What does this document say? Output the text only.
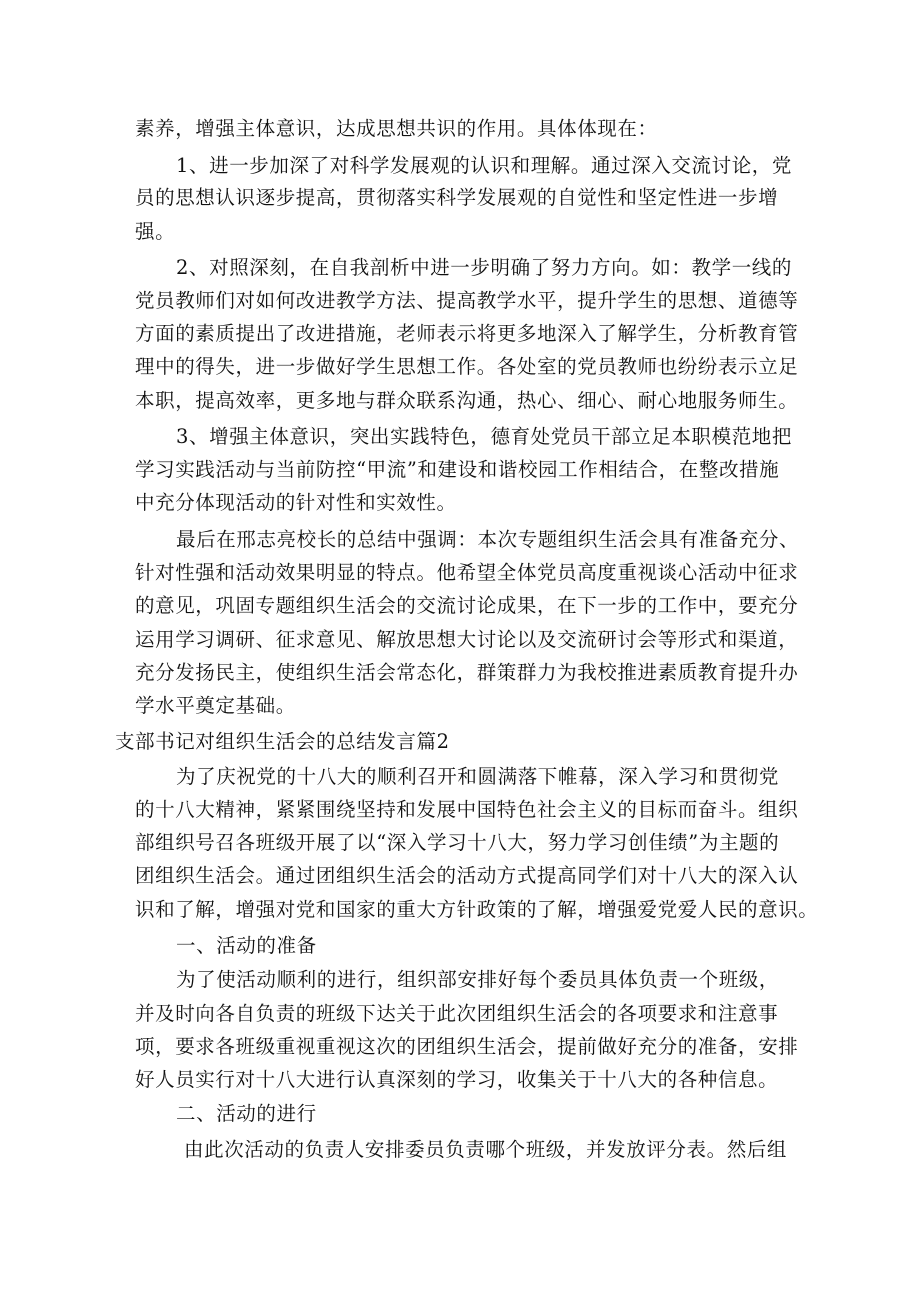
素养，增强主体意识，达成思想共识的作用。具体体现在：
1、进一步加深了对科学发展观的认识和理解。通过深入交流讨论，党
员的思想认识逐步提高，贯彻落实科学发展观的自觉性和坚定性进一步增
强。
2、对照深刻，在自我剖析中进一步明确了努力方向。如：教学一线的
党员教师们对如何改进教学方法、提高教学水平，提升学生的思想、道德等
方面的素质提出了改进措施，老师表示将更多地深入了解学生，分析教育管
理中的得失，进一步做好学生思想工作。各处室的党员教师也纷纷表示立足
本职，提高效率，更多地与群众联系沟通，热心、细心、耐心地服务师生。
3、增强主体意识，突出实践特色，德育处党员干部立足本职模范地把
学习实践活动与当前防控“甲流”和建设和谐校园工作相结合，在整改措施
中充分体现活动的针对性和实效性。
最后在邢志亮校长的总结中强调：本次专题组织生活会具有准备充分、
针对性强和活动效果明显的特点。他希望全体党员高度重视谈心活动中征求
的意见，巩固专题组织生活会的交流讨论成果，在下一步的工作中，要充分
运用学习调研、征求意见、解放思想大讨论以及交流研讨会等形式和渠道，
充分发扬民主，使组织生活会常态化，群策群力为我校推进素质教育提升办
学水平奠定基础。
支部书记对组织生活会的总结发言篇2
为了庆祝党的十八大的顺利召开和圆满落下帷幕，深入学习和贯彻党
的十八大精神，紧紧围绕坚持和发展中国特色社会主义的目标而奋斗。组织
部组织号召各班级开展了以“深入学习十八大，努力学习创佳绩”为主题的
团组织生活会。通过团组织生活会的活动方式提高同学们对十八大的深入认
识和了解，增强对党和国家的重大方针政策的了解，增强爱党爱人民的意识。
一、活动的准备
为了使活动顺利的进行，组织部安排好每个委员具体负责一个班级，
并及时向各自负责的班级下达关于此次团组织生活会的各项要求和注意事
项，要求各班级重视重视这次的团组织生活会，提前做好充分的准备，安排
好人员实行对十八大进行认真深刻的学习，收集关于十八大的各种信息。
二、活动的进行
由此次活动的负责人安排委员负责哪个班级，并发放评分表。然后组
